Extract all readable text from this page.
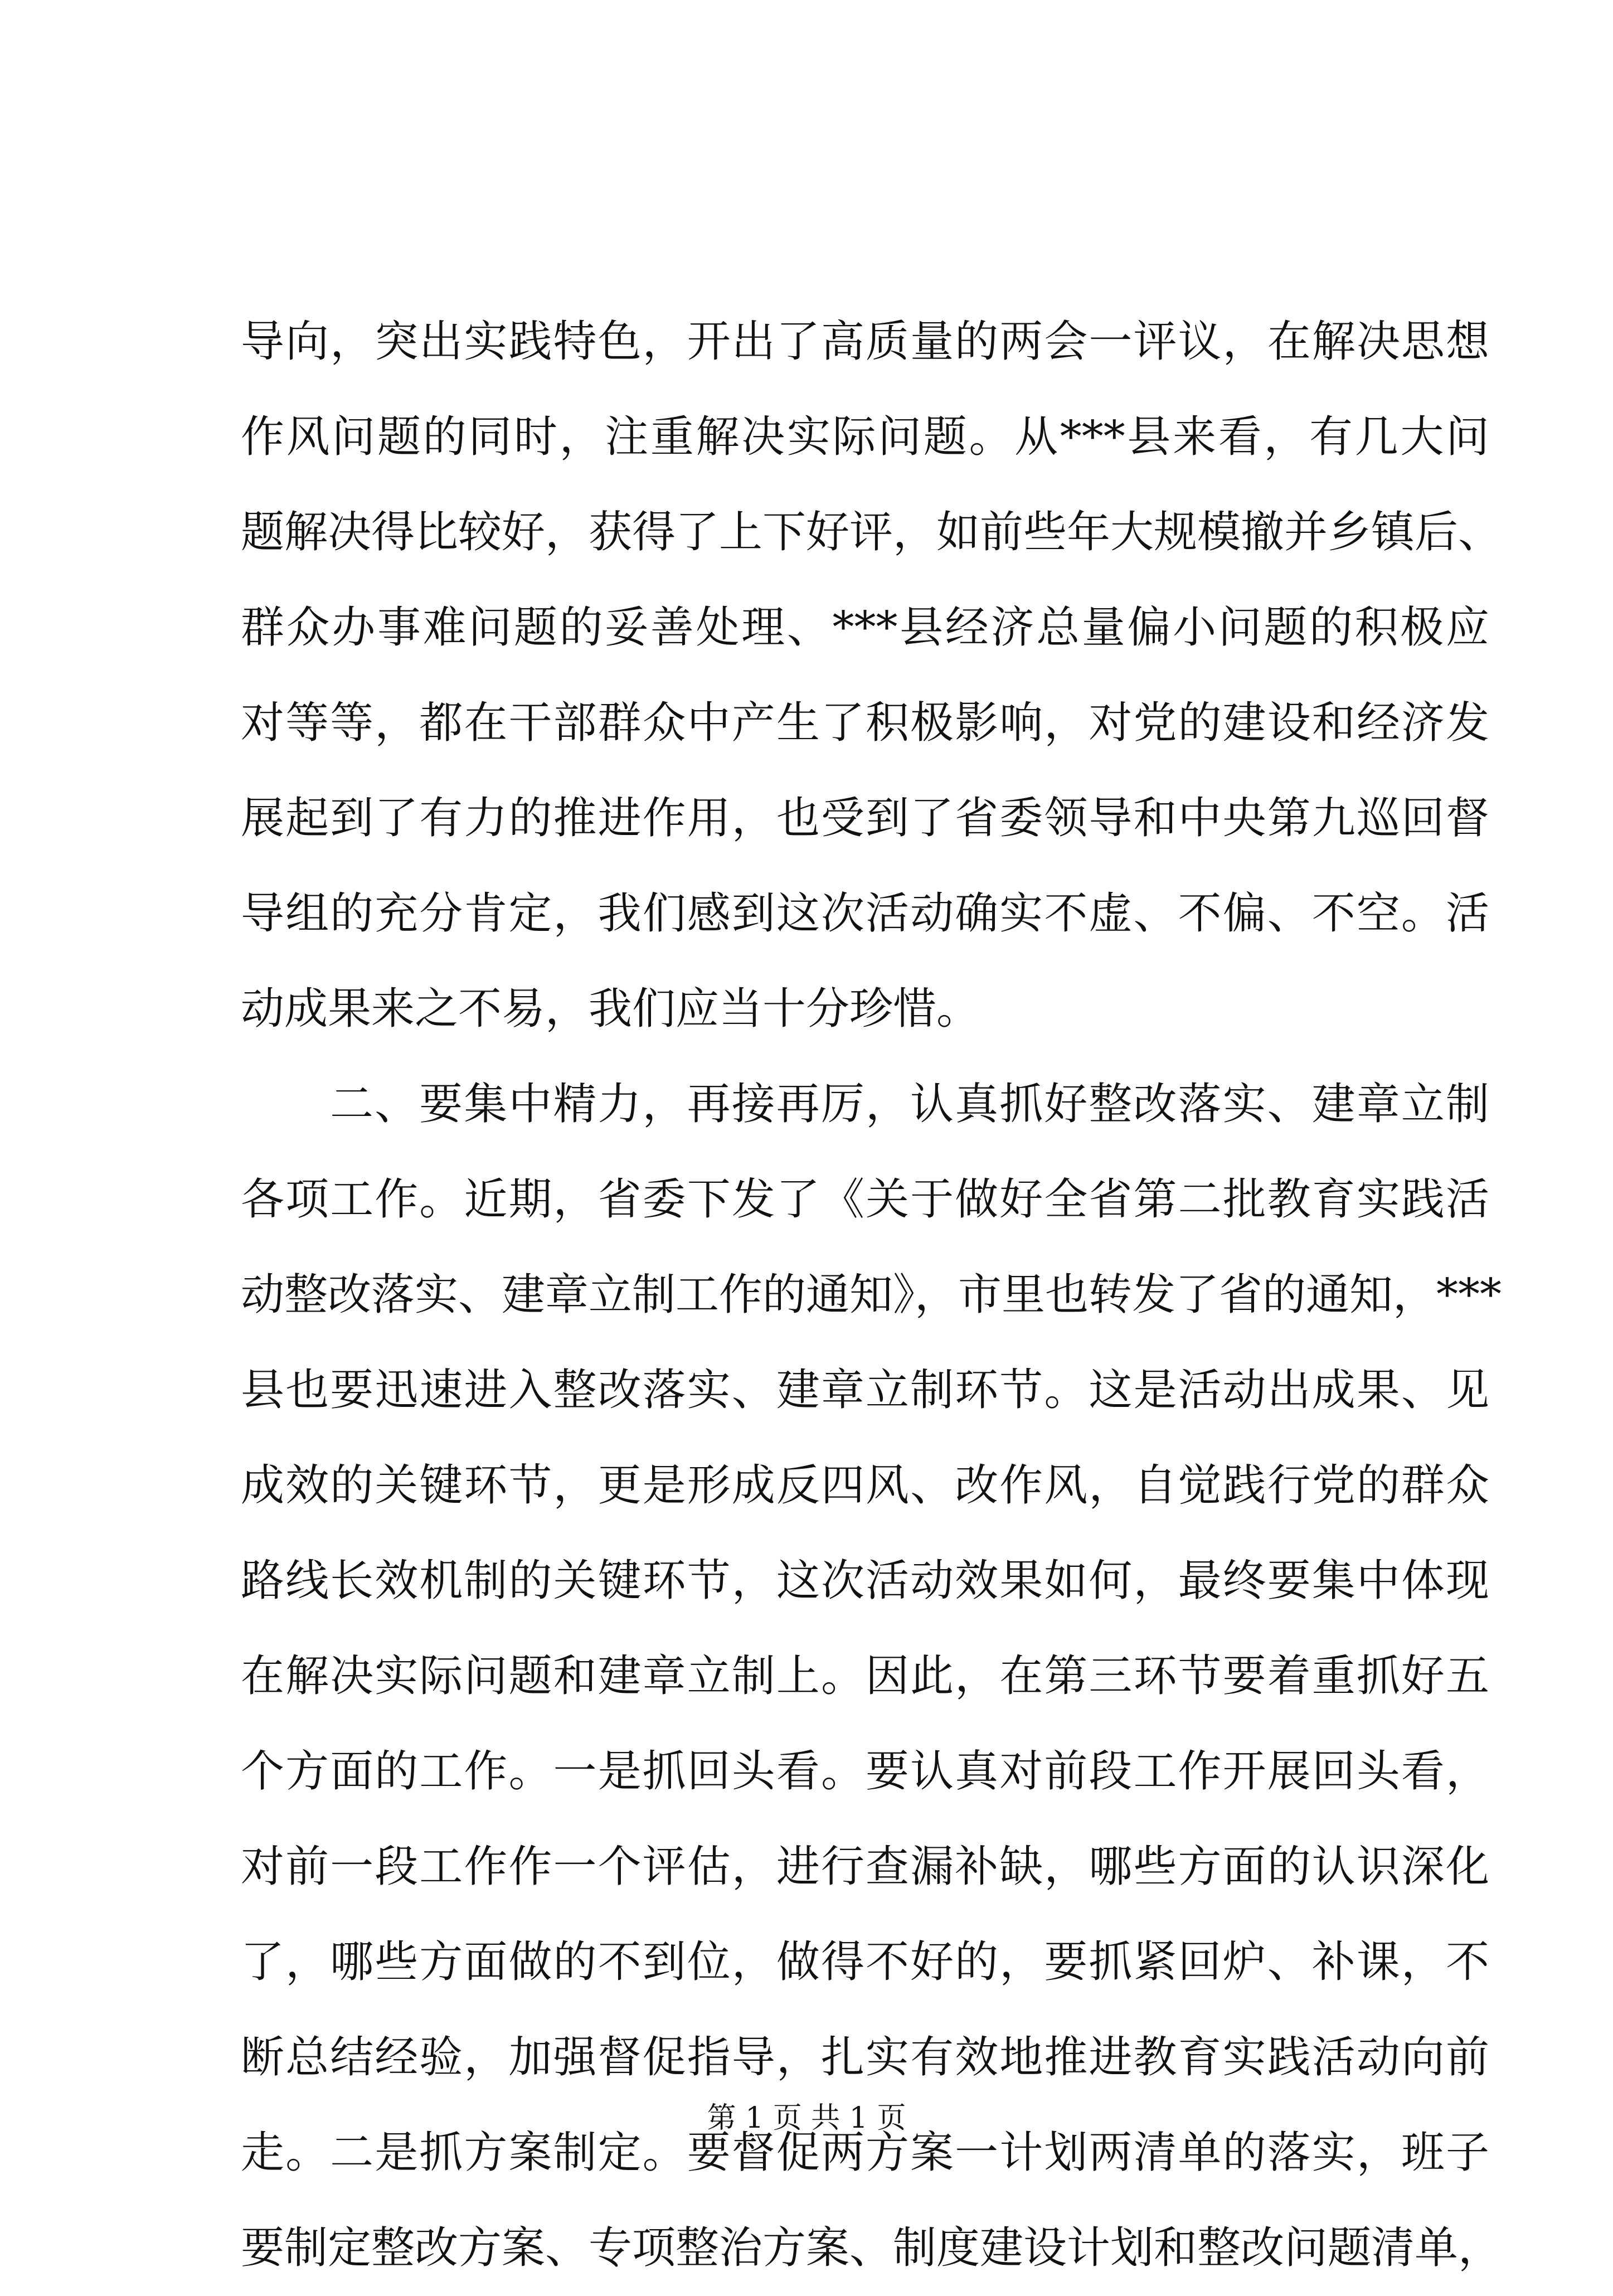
导向，突出实践特色，开出了高质量的两会一评议，在解决思想
作风问题的同时，注重解决实际问题。从***县来看，有几大问
题解决得比较好，获得了上下好评，如前些年大规模撤并乡镇后、
群众办事难问题的妥善处理、***县经济总量偏小问题的积极应
对等等，都在干部群众中产生了积极影响，对党的建设和经济发
展起到了有力的推进作用，也受到了省委领导和中央第九巡回督
导组的充分肯定，我们感到这次活动确实不虚、不偏、不空。活
动成果来之不易，我们应当十分珍惜。
二、要集中精力，再接再厉，认真抓好整改落实、建章立制
各项工作。近期，省委下发了《关于做好全省第二批教育实践活
动整改落实、建章立制工作的通知》，市里也转发了省的通知，***
县也要迅速进入整改落实、建章立制环节。这是活动出成果、见
成效的关键环节，更是形成反四风、改作风，自觉践行党的群众
路线长效机制的关键环节，这次活动效果如何，最终要集中体现
在解决实际问题和建章立制上。因此，在第三环节要着重抓好五
个方面的工作。一是抓回头看。要认真对前段工作开展回头看，
对前一段工作作一个评估，进行查漏补缺，哪些方面的认识深化
了，哪些方面做的不到位，做得不好的，要抓紧回炉、补课，不
断总结经验，加强督促指导，扎实有效地推进教育实践活动向前
走。二是抓方案制定。要督促两方案一计划两清单的落实，班子
要制定整改方案、专项整治方案、制度建设计划和整改问题清单，
第 1 页 共 1 页
